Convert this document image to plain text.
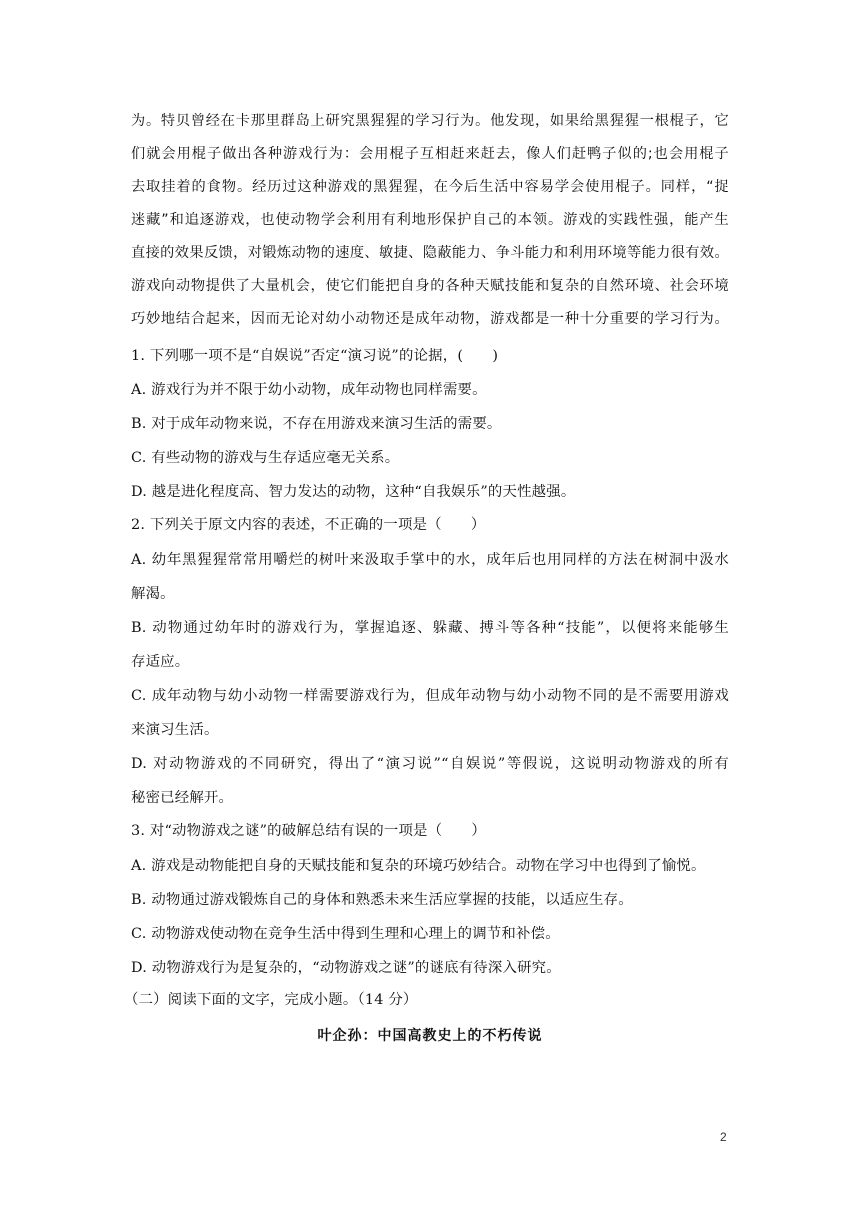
为。特贝曾经在卡那里群岛上研究黑猩猩的学习行为。他发现，如果给黑猩猩一根棍子，它
们就会用棍子做出各种游戏行为：会用棍子互相赶来赶去，像人们赶鸭子似的;也会用棍子
去取挂着的食物。经历过这种游戏的黑猩猩，在今后生活中容易学会使用棍子。同样，“捉
迷藏”和追逐游戏，也使动物学会利用有利地形保护自己的本领。游戏的实践性强，能产生
直接的效果反馈，对锻炼动物的速度、敏捷、隐蔽能力、争斗能力和利用环境等能力很有效。
游戏向动物提供了大量机会，使它们能把自身的各种天赋技能和复杂的自然环境、社会环境
巧妙地结合起来，因而无论对幼小动物还是成年动物，游戏都是一种十分重要的学习行为。
1. 下列哪一项不是“自娱说”否定“演习说”的论据，(　　)
A. 游戏行为并不限于幼小动物，成年动物也同样需要。
B. 对于成年动物来说，不存在用游戏来演习生活的需要。
C. 有些动物的游戏与生存适应毫无关系。
D. 越是进化程度高、智力发达的动物，这种“自我娱乐”的天性越强。
2. 下列关于原文内容的表述，不正确的一项是（　　）
A. 幼年黑猩猩常常用嚼烂的树叶来汲取手掌中的水，成年后也用同样的方法在树洞中汲水
解渴。
B. 动物通过幼年时的游戏行为，掌握追逐、躲藏、搏斗等各种“技能”，以便将来能够生
存适应。
C. 成年动物与幼小动物一样需要游戏行为，但成年动物与幼小动物不同的是不需要用游戏
来演习生活。
D. 对动物游戏的不同研究，得出了“演习说”“自娱说”等假说，这说明动物游戏的所有
秘密已经解开。
3. 对“动物游戏之谜”的破解总结有误的一项是（　　）
A. 游戏是动物能把自身的天赋技能和复杂的环境巧妙结合。动物在学习中也得到了愉悦。
B. 动物通过游戏锻炼自己的身体和熟悉未来生活应掌握的技能，以适应生存。
C. 动物游戏使动物在竞争生活中得到生理和心理上的调节和补偿。
D. 动物游戏行为是复杂的，“动物游戏之谜”的谜底有待深入研究。
（二）阅读下面的文字，完成小题。（14 分）
叶企孙：中国高教史上的不朽传说
2
